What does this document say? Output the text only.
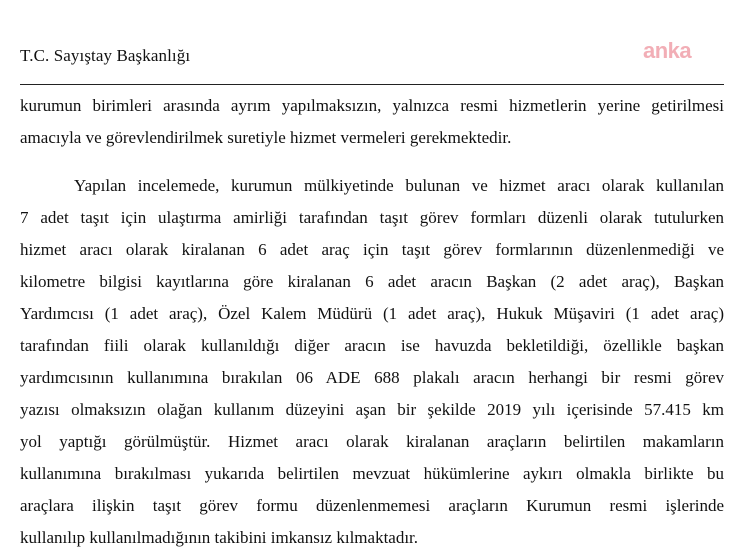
T.C. Sayıştay Başkanlığı	anka
kurumun birimleri arasında ayrım yapılmaksızın, yalnızca resmi hizmetlerin yerine getirilmesi
amacıyla ve görevlendirilmek suretiyle hizmet vermeleri gerekmektedir.
Yapılan incelemede, kurumun mülkiyetinde bulunan ve hizmet aracı olarak kullanılan
7 adet taşıt için ulaştırma amirliği tarafından taşıt görev formları düzenli olarak tutulurken
hizmet aracı olarak kiralanan 6 adet araç için taşıt görev formlarının düzenlenmediği ve
kilometre bilgisi kayıtlarına göre kiralanan 6 adet aracın Başkan (2 adet araç), Başkan
Yardımcısı (1 adet araç), Özel Kalem Müdürü (1 adet araç), Hukuk Müşaviri (1 adet araç)
tarafından fiili olarak kullanıldığı diğer aracın ise havuzda bekletildiği, özellikle başkan
yardımcısının kullanımına bırakılan 06 ADE 688 plakalı aracın herhangi bir resmi görev
yazısı olmaksızın olağan kullanım düzeyini aşan bir şekilde 2019 yılı içerisinde 57.415 km
yol yaptığı görülmüştür. Hizmet aracı olarak kiralanan araçların belirtilen makamların
kullanımına bırakılması yukarıda belirtilen mevzuat hükümlerine aykırı olmakla birlikte bu
araçlara ilişkin taşıt görev formu düzenlenmemesi araçların Kurumun resmi işlerinde
kullanılıp kullanılmadığının takibini imkansız kılmaktadır.
